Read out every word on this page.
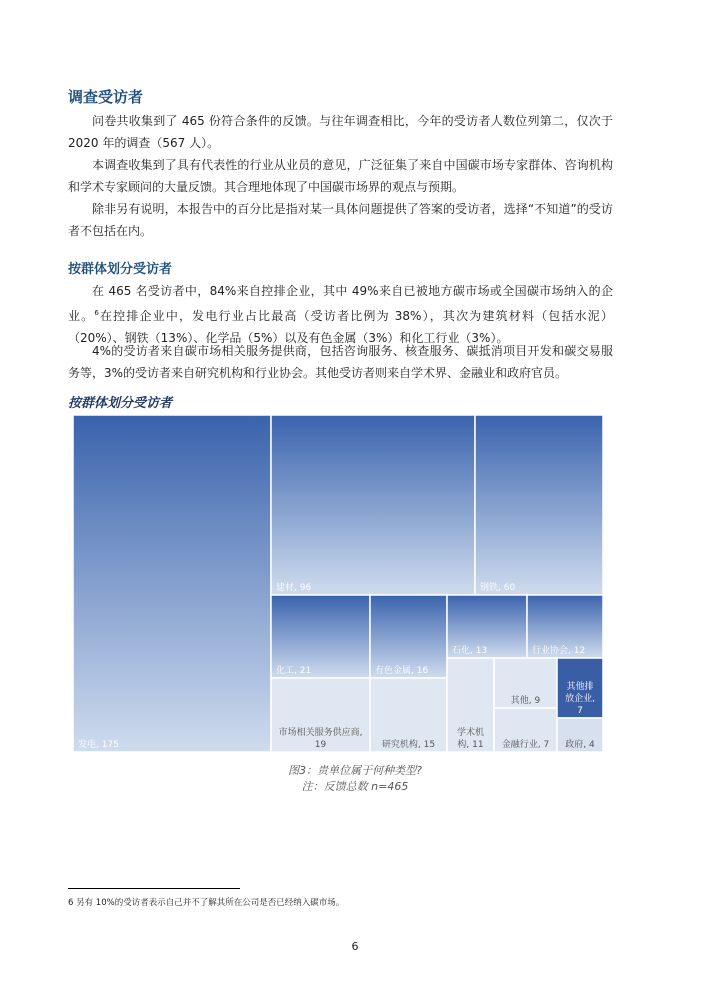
调查受访者

问卷共收集到了 465 份符合条件的反馈。与往年调查相比，今年的受访者人数位列第二，仅次于 2020 年的调查（567 人）。

本调查收集到了具有代表性的行业从业员的意见，广泛征集了来自中国碳市场专家群体、咨询机构和学术专家顾问的大量反馈。其合理地体现了中国碳市场界的观点与预期。

除非另有说明，本报告中的百分比是指对某一具体问题提供了答案的受访者，选择“不知道”的受访者不包括在内。

按群体划分受访者

在 465 名受访者中，84%来自控排企业，其中 49%来自已被地方碳市场或全国碳市场纳入的企业。$^6$在控排企业中，发电行业占比最高（受访者比例为 38%），其次为建筑材料（包括水泥）（20%）、钢铁（13%）、化学品（5%）以及有色金属（3%）和化工行业（3%）。

4%的受访者来自碳市场相关服务提供商，包括咨询服务、核查服务、碳抵消项目开发和碳交易服务等，3%的受访者来自研究机构和行业协会。其他受访者则来自学术界、金融业和政府官员。

按群体划分受访者

发电, 175
建材, 96	钢铁, 60
化工, 21	有色金属, 16
石化, 13	行业协会, 12
市场相关服务供应商, 19	研究机构, 15
学术机构, 11
其他, 9
金融行业, 7
其他排放企业, 7
政府, 4

图3：贵单位属于何种类型?

注：反馈总数 n=465

6 另有 10%的受访者表示自己并不了解其所在公司是否已经纳入碳市场。

6
